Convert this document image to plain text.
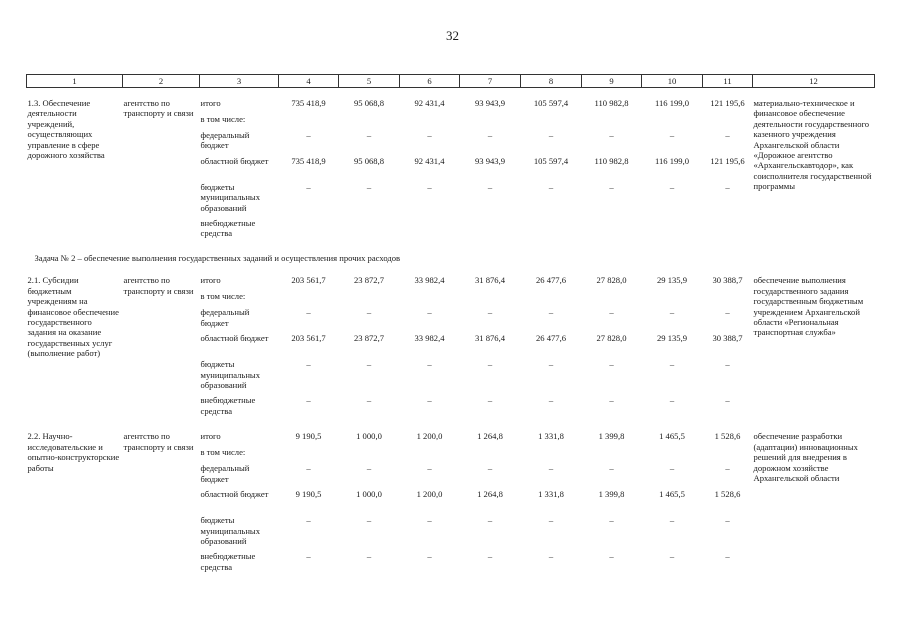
32
1	2	3	4	5	6	7	8	9	10	11	12

1.3. Обеспечение деятельности учреждений, осуществляющих управление в сфере дорожного хозяйства	агентство по транспорту и связи	итого	735 418,9	95 068,8	92 431,4	93 943,9	105 597,4	110 982,8	116 199,0	121 195,6	материально-техническое и финансовое обеспечение деятельности государственного казенного учреждения Архангельской области «Дорожное агентство «Архангельскавтодор», как соисполнителя государственной программы
		в том числе:									
		федеральный бюджет	–	–	–	–	–	–	–	–	
		областной бюджет	735 418,9	95 068,8	92 431,4	93 943,9	105 597,4	110 982,8	116 199,0	121 195,6	
		бюджеты муниципальных образований	–	–	–	–	–	–	–	–	
		внебюджетные средства									
Задача № 2 – обеспечение выполнения государственных заданий и осуществления прочих расходов											
2.1. Субсидии бюджетным учреждениям на финансовое обеспечение государственного задания на оказание государственных услуг (выполнение работ)	агентство по транспорту и связи	итого	203 561,7	23 872,7	33 982,4	31 876,4	26 477,6	27 828,0	29 135,9	30 388,7	обеспечение выполнения государственного задания государственным бюджетным учреждением Архангельской области «Региональная транспортная служба»
		в том числе:									
		федеральный бюджет	–	–	–	–	–	–	–	–	
		областной бюджет	203 561,7	23 872,7	33 982,4	31 876,4	26 477,6	27 828,0	29 135,9	30 388,7	
		бюджеты муниципальных образований	–	–	–	–	–	–	–	–	
		внебюджетные средства	–	–	–	–	–	–	–	–	

2.2. Научно-исследовательские и опытно-конструкторские работы	агентство по транспорту и связи	итого	9 190,5	1 000,0	1 200,0	1 264,8	1 331,8	1 399,8	1 465,5	1 528,6	обеспечение разработки (адаптации) инновационных решений для внедрения в дорожном хозяйстве Архангельской области
		в том числе:									
		федеральный бюджет	–	–	–	–	–	–	–	–	
		областной бюджет	9 190,5	1 000,0	1 200,0	1 264,8	1 331,8	1 399,8	1 465,5	1 528,6	
		бюджеты муниципальных образований	–	–	–	–	–	–	–	–	
		внебюджетные средства	–	–	–	–	–	–	–	–	
